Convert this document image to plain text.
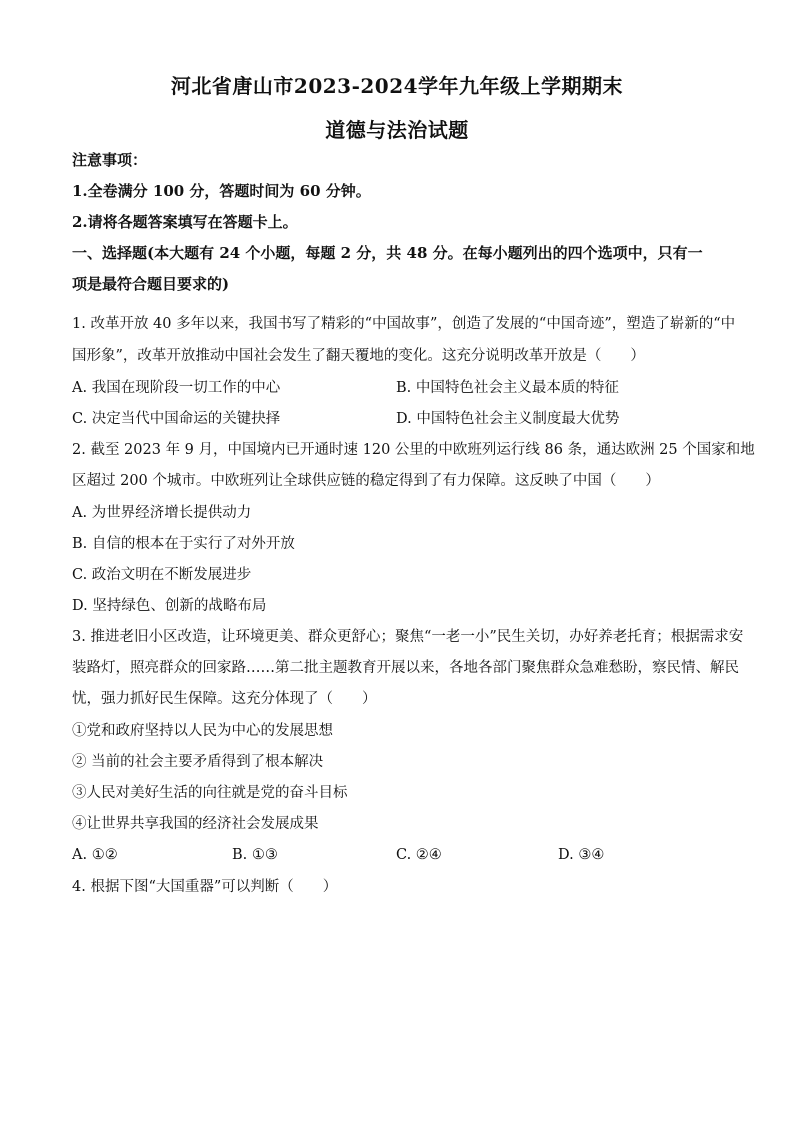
河北省唐山市2023-2024学年九年级上学期期末
道德与法治试题
注意事项：
1.全卷满分 100 分，答题时间为 60 分钟。
2.请将各题答案填写在答题卡上。
一、选择题(本大题有 24 个小题，每题 2 分，共 48 分。在每小题列出的四个选项中，只有一
项是最符合题目要求的)
1. 改革开放 40 多年以来，我国书写了精彩的“中国故事”，创造了发展的“中国奇迹”，塑造了崭新的“中
国形象”，改革开放推动中国社会发生了翻天覆地的变化。这充分说明改革开放是（　　）
A. 我国在现阶段一切工作的中心	B. 中国特色社会主义最本质的特征
C. 决定当代中国命运的关键抉择	D. 中国特色社会主义制度最大优势
2. 截至 2023 年 9 月，中国境内已开通时速 120 公里的中欧班列运行线 86 条，通达欧洲 25 个国家和地
区超过 200 个城市。中欧班列让全球供应链的稳定得到了有力保障。这反映了中国（　　）
A. 为世界经济增长提供动力
B. 自信的根本在于实行了对外开放
C. 政治文明在不断发展进步
D. 坚持绿色、创新的战略布局
3. 推进老旧小区改造，让环境更美、群众更舒心；聚焦“一老一小”民生关切，办好养老托育；根据需求安
装路灯，照亮群众的回家路……第二批主题教育开展以来，各地各部门聚焦群众急难愁盼，察民情、解民
忧，强力抓好民生保障。这充分体现了（　　）
①党和政府坚持以人民为中心的发展思想
② 当前的社会主要矛盾得到了根本解决
③人民对美好生活的向往就是党的奋斗目标
④让世界共享我国的经济社会发展成果
A. ①②	B. ①③	C. ②④	D. ③④
4. 根据下图“大国重器”可以判断（　　）
